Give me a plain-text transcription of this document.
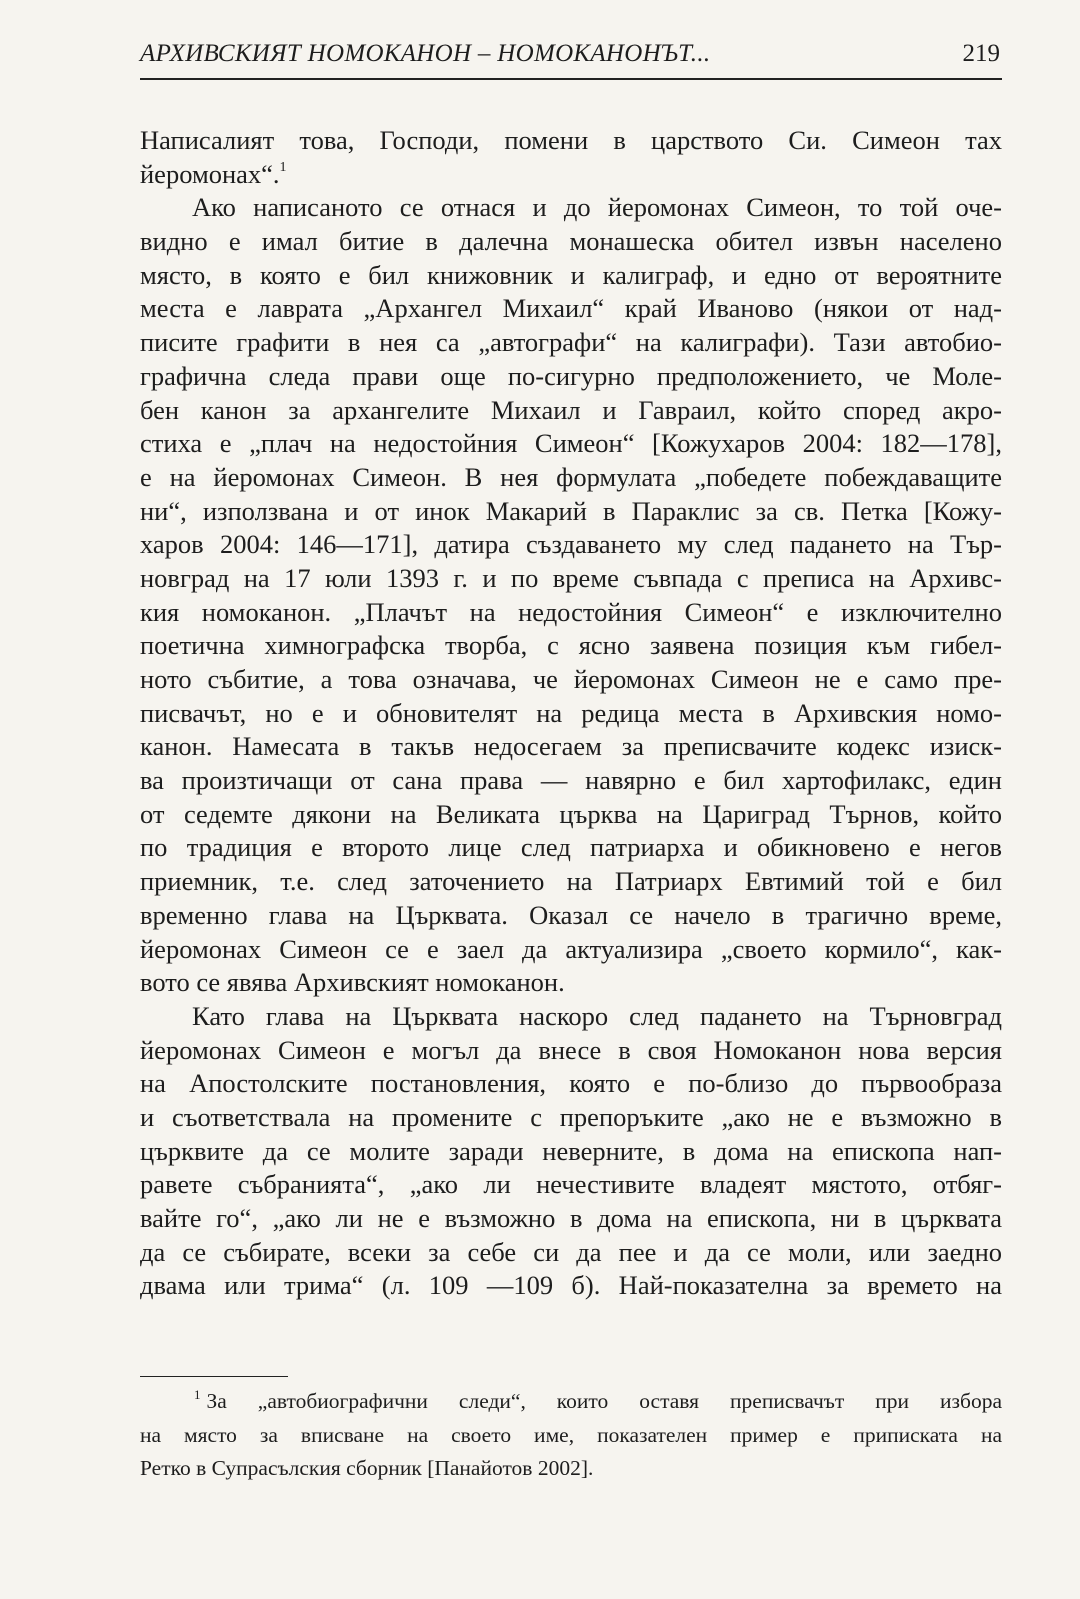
АРХИВСКИЯТ НОМОКАНОН – НОМОКАНОНЪТ...	219
Написалият това, Господи, помени в царството Си. Симеон тах
йеромонах“.$^1$
Ако написаното се отнася и до йеромонах Симеон, то той оче-
видно е имал битие в далечна монашеска обител извън населено
място, в която е бил книжовник и калиграф, и едно от вероятните
места е лаврата „Архангел Михаил“ край Иваново (някои от над-
писите графити в нея са „автографи“ на калиграфи). Тази автобио-
графична следа прави още по-сигурно предположението, че Моле-
бен канон за архангелите Михаил и Гавраил, който според акро-
стиха е „плач на недостойния Симеон“ [Кожухаров 2004: 182—178],
е на йеромонах Симеон. В нея формулата „победете побеждаващите
ни“, използвана и от инок Макарий в Параклис за св. Петка [Кожу-
харов 2004: 146—171], датира създаването му след падането на Тър-
новград на 17 юли 1393 г. и по време съвпада с преписа на Архивс-
кия номоканон. „Плачът на недостойния Симеон“ е изключително
поетична химнографска творба, с ясно заявена позиция към гибел-
ното събитие, а това означава, че йеромонах Симеон не е само пре-
писвачът, но е и обновителят на редица места в Архивския номо-
канон. Намесата в такъв недосегаем за преписвачите кодекс изиск-
ва произтичащи от сана права — навярно е бил хартофилакс, един
от седемте дякони на Великата църква на Цариград Търнов, който
по традиция е второто лице след патриарха и обикновено е негов
приемник, т.е. след заточението на Патриарх Евтимий той е бил
временно глава на Църквата. Оказал се начело в трагично време,
йеромонах Симеон се е заел да актуализира „своето кормило“, как-
вото се явява Архивският номоканон.
Като глава на Църквата наскоро след падането на Търновград
йеромонах Симеон е могъл да внесе в своя Номоканон нова версия
на Апостолските постановления, която е по-близо до първообраза
и съответствала на промените с препоръките „ако не е възможно в
църквите да се молите заради неверните, в дома на епископа нап-
равете събранията“, „ако ли нечестивите владеят мястото, отбяг-
вайте го“, „ако ли не е възможно в дома на епископа, ни в църквата
да се събирате, всеки за себе си да пее и да се моли, или заедно
двама или трима“ (л. 109 —109 б). Най-показателна за времето на
$^1$ За „автобиографични следи“, които оставя преписвачът при избора
на място за вписване на своето име, показателен пример е приписката на
Ретко в Супрасълския сборник [Панайотов 2002].
